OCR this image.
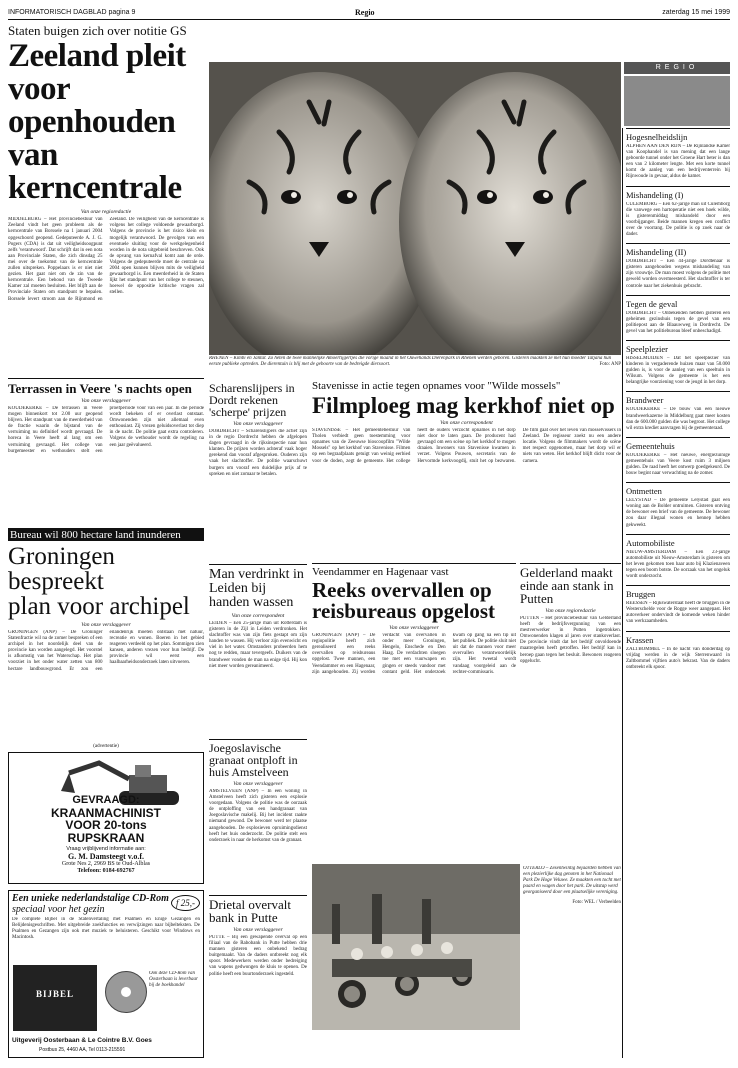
INFORMATORISCH DAGBLAD pagina 9	Regio	zaterdag 15 mei 1999
Staten buigen zich over notitie GS
Zeeland pleit
voor openhouden
van kerncentrale
Van onze regioredactie
MIDDELBURG – Het provinciebestuur van Zeeland vindt het geen probleem als de kerncentrale van Borssele na 1 januari 2004 opgeschoord geopend. Gedeputeerde A. J. G. Pogers (CDA) is dat uit veiligheidsoogpunt zelfs 'verantwoord'. Dat schrijft dat in een nota aan Provinciale Staten, die zich dinsdag 25 mei over de toekomst van de kerncentrale zullen uitspreken. Poppelaars is er niet niet gezien. Het gaat niet om de zin van de kerncentrale. Een behoud van de Tweede Kamer zal moeten besluiten. Het blijft aan de Provinciale Staten om standpunt te bepalen. Borssele levert stroom aan de Rijnmond en Zeeland. De veiligheid van de kerncentrale is volgens het college voldoende gewaarborgd. Volgens de provincie is het risico klein en mogelijk verantwoord. De gevolgen van een eventuele sluiting voor de werkgelegenheid worden in de nota uitgebreid beschreven. Ook de opvang van kernafval komt aan de orde. Volgens de gedeputeerde moet de centrale na 2004 open kunnen blijven mits de veiligheid gewaarborgd is. Een meerderheid in de Staten lijkt het standpunt van het college te steunen, hoewel de oppositie kritische vragen zal stellen.
REGIO
RHENEN – Kimbi en Jantar. Zo heten de twee mannelijke Amoertijgertjes die vorige maand in het Ouwehands Dierenpark in Rhenen werden geboren. Gisteren maakten ze met hun moeder Tatjana hun eerste publieke optreden. De dierentuin is blij met de geboorte van de bedreigde diersoort.	Foto: ANP
Hogesnelheidslijn
ALPHEN AAN DEN RIJN – De Rijnlandse Kamer van Koophandel is van mening dat een lange geboorde tunnel onder het Groene Hart beter is dan een van 2 kilometer lengte. Met een korte tunnel komt de aanleg van een bedrijventerrein bij Rijnwoude in gevaar, aldus de kamer.
Mishandeling (I)
CULEMBORG – Een 62-jarige man uit Culemborg die vanwege een hartoperatie niet een hoek wilde, is gisterenmiddag mishandeld door een voorbijganger. Beide mannen kregen een conflict over de voorrang. De politie is op zoek naar de dader.
Mishandeling (II)
DORDRECHT – Een 44-jarige Dordtenaar is gisteren aangehouden wegens mishandeling van zijn vrouwtje. De man moest volgens de politie met geweld worden overmeesterd. Het slachtoffer is ter controle naar het ziekenhuis gebracht.
Tegen de geval
DORDRECHT – Onbekenden hebben gisteren een geheimen gezinshuis tegen de gevel van een politiepost aan de Blaauwweg in Dordrecht. De gevel van het politiebureau bleef onbeschadigd.
Speelplezier
HISSELMUIDEN – Dat het speelplezier van kinderen in vergaderende huizen maar van 50.000 gulden is, is voor de aanleg van een speeltuin in Wilsum. Volgens de gemeente is het een belangrijke voorziening voor de jeugd in het dorp.
Brandweer
KOUDEKERKE – De bouw van een nieuwe brandweerkazerne in Middelburg gaat meer kosten dan de 600.000 gulden die was begroot. Het college wil extra krediet aanvragen bij de gemeenteraad.
Gemeentehuis
KOUDEKERKE – Het nieuwe, energiezuinige gemeentehuis van Veere kost ruim 3 miljoen gulden. De raad heeft het ontwerp goedgekeurd. De bouw begint naar verwachting na de zomer.
Ontmetten
LELYSTAD – De gemeente Lelystad gaat een woning aan de Bolder ontruimen. Gisteren ontving de bewoner een brief van de gemeente. De bewoner zou daar illegaal wonen en hennep hebben gekweekt.
Automobiliste
NIEUW-AMSTERDAM – Een 23-jarige automobiliste uit Nieuw-Amsterdam is gisteren om het leven gekomen toen haar auto bij Klazienaveen tegen een boom botste. De oorzaak van het ongeluk wordt onderzocht.
Bruggen
REESSEN – Rijkswaterstaat heeft de bruggen in de Westerschelde voor de Rogge weer aangepast. Het autoverkeer ondervindt de komende weken hinder van werkzaamheden.
Krassen
ZALTBOMMEL – In de nacht van donderdag op vrijdag werden in de wijk Sterrenwaard in Zaltbommel vijftien auto's bekrast. Van de daders ontbreekt elk spoor.
Terrassen in Veere 's nachts open
Van onze verslaggever
KOUDEKERKE – De terrassen in Veere mogen binnenkort tot 2.00 uur geopend blijven. Het standpunt van de meerderheid van de fractie waarin de bijstand van de verruiming nu definitief wordt gevraagd. De horeca in Veere heeft al lang om een verruiming gevraagd. Het college van burgemeester en wethouders stelt een proefperiode voor van een jaar. In die periode wordt bekeken of er overlast ontstaat. Omwonenden zijn niet allemaal even enthousiast. Zij vrezen geluidsoverlast tot diep in de nacht. De politie gaat extra controleren. Volgens de wethouder wordt de regeling na een jaar geëvalueerd.
Scharenslijpers in Dordt rekenen 'scherpe' prijzen
Van onze verslaggever
DORDRECHT – Scharenslijpers die actief zijn in de regio Dordrecht hebben de afgelopen dagen gevraagd in de rijksinspectie naar hun klanten. De prijzen worden achteraf vaak hoger gerekend dan vooraf afgesproken. Ouderen zijn vaak het slachtoffer. De politie waarschuwt burgers om vooraf een duidelijke prijs af te spreken en niet zomaar te betalen.
Stavenisse in actie tegen opnames voor "Wilde mossels"
Filmploeg mag kerkhof niet op
Van onze correspondent
STAVENISSE – Het gemeentebestuur van Tholen verbiedt geen toestemming voor opnames van de Zeeuwse bioscoopfilm "Wilde Mossels" op het kerkhof van Stavenisse. Filmen op een begraafplaats getuigt van weinig eerbied voor de doden, zegt de gemeente. Het college heeft de ouders verzocht opnames in het dorp niet door te laten gaan. De producent had gevraagd om een scène op het kerkhof te mogen draaien. Inwoners van Stavenisse kwamen in verzet. Volgens Pouwen, secretaris van de Hervormde kerkvoogdij, stuit het op bezwaren. De film gaat over het leven van mosselvissers in Zeeland. De regisseur zoekt nu een andere locatie. Volgens de filmmakers wordt de scène met respect opgenomen, maar het dorp wil er niets van weten. Het kerkhof blijft dicht voor de camera.
Bureau wil 800 hectare land inunderen
Groningen bespreekt
plan voor archipel
Van onze verslaggever
GRONINGEN (ANP) – De Groninger Statenfractie wil na de zomer bespreken of een archipel in het noordelijk deel van de provincie kan worden aangelegd. Het voorstel is afkomstig van het Waterschap. Het plan voorziet in het onder water zetten van 800 hectare landbouwgrond. Er zou een eilandenrijk moeten ontstaan met natuur, recreatie en wonen. Boeren in het gebied reageren verdeeld op het plan. Sommigen zien kansen, anderen vrezen voor hun bedrijf. De provincie wil eerst een haalbaarheidsonderzoek laten uitvoeren.
Man verdrinkt in Leiden bij handen wassen
Van onze correspondent
LEIDEN – Een 25-jarige man uit Rotterdam is gisteren in de Zijl in Leiden verdronken. Het slachtoffer was van zijn fiets gestapt om zijn handen te wassen. Hij verloor zijn evenwicht en viel in het water. Omstanders probeerden hem nog te redden, maar tevergeefs. Duikers van de brandweer vonden de man na enige tijd. Hij kon niet meer worden gereanimeerd.
Veendammer en Hagenaar vast
Reeks overvallen op
reisbureaus opgelost
Van onze verslaggever
GRONINGEN (ANP) – De regiopolitie heeft zich gerealiseerd een reeks overvallen op reisbureaus opgelost. Twee mannen, een Veendammer en een Hagenaar, zijn aangehouden. Zij worden verdacht van overvallen in onder meer Groningen, Hengelo, Enschede en Den Haag. De verdachten sloegen toe met een vuurwapen en gingen er steeds vandoor met contant geld. Het onderzoek kwam op gang na een tip uit het publiek. De politie sluit niet uit dat de mannen voor meer overvallen verantwoordelijk zijn. Het tweetal wordt vandaag voorgeleid aan de rechter-commissaris.
Gelderland maakt einde aan stank in Putten
Van onze regioredactie
PUTTEN – Het provinciebestuur van Gelderland heeft de bedrijfsvergunning van een mestverwerker in Putten ingetrokken. Omwonenden klagen al jaren over stankoverlast. De provincie vindt dat het bedrijf onvoldoende maatregelen heeft getroffen. Het bedrijf kan in beroep gaan tegen het besluit. Bewoners reageren opgelucht.
(advertentie)
GEVRAAGD:
KRAANMACHINIST
VOOR 20-tons
RUPSKRAAN
Vraag vrijblijvend informatie aan:
G. M. Damsteegt v.o.f.
Grote Nes 2, 2969 BS te Oud-Alblas
Telefoon: 0184-692767
Joegoslavische granaat ontploft in huis Amstelveen
Van onze verslaggever
AMSTELVEEN (ANP) – In een woning in Amstelveen heeft zich gisteren een explosie voorgedaan. Volgens de politie was de oorzaak de ontploffing van een handgranaat van Joegoslavische makelij. Bij het incident raakte niemand gewond. De bewoner werd ter plaatse aangehouden. De explosieven opruimingsdienst heeft het huis onderzocht. De politie stelt een onderzoek in naar de herkomst van de granaat.
OTTERLO – Zesentwintig bejaarden hebben van een plezierlijke dag genoten in het Nationaal Park De Hoge Veluwe. Ze maakten een tocht met paard en wagen door het park. De uitstap werd georganiseerd door een plaatselijke vereniging.
Foto: WEL / Verbeelden
Een unieke nederlandstalige CD-Rom
speciaal voor het gezin
f 25,-
De complete Bijbel in de Statenvertaling met Psalmen en Enige Gezangen en Belijdenisgeschriften. Met uitgebreide zoekfuncties en verwijzingen naar bijbelteksten. De Psalmen en Gezangen zijn ook met muziek te beluisteren. Geschikt voor Windows en Macintosh.
BIJBEL
Ook deze CD-Rom van Oosterbaan is leverbaar bij de boekhandel
Uitgeverij Oosterbaan & Le Cointre B.V. Goes
Postbus 25, 4460 AA, Tel 0113-215591
Drietal overvalt bank in Putte
Van onze verslaggever
PUTTE – Bij een gewapende overval op een filiaal van de Rabobank in Putte hebben drie mannen gisteren een onbekend bedrag buitgemaakt. Van de daders ontbreekt nog elk spoor. Medewerkers werden onder bedreiging van wapens gedwongen de kluis te openen. De politie heeft een buurtonderzoek ingesteld.
